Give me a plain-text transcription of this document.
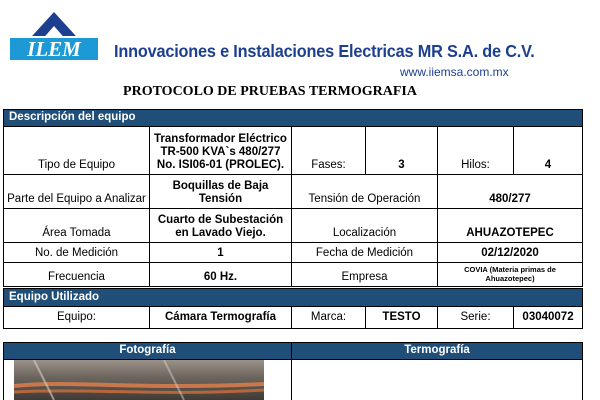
ILEM Innovaciones e Instalaciones Electricas MR S.A. de C.V.
www.iiemsa.com.mx
PROTOCOLO DE PRUEBAS TERMOGRAFIA
Descripción del equipo
Tipo de Equipo	Transformador Eléctrico TR-500 KVA`s 480/277 No. ISI06-01 (PROLEC).	Fases:	3	Hilos:	4
Parte del Equipo a Analizar	Boquillas de Baja Tensión	Tensión de Operación		480/277	
Área Tomada	Cuarto de Subestación en Lavado Viejo.	Localización		AHUAZOTEPEC	
No. de Medición	1	Fecha de Medición		02/12/2020	
Frecuencia	60 Hz.	Empresa		COVIA (Materia primas de Ahuazotepec)	
Equipo Utilizado
Equipo:	Cámara Termografía	Marca:	TESTO	Serie:	03040072
Fotografía	Termografía
